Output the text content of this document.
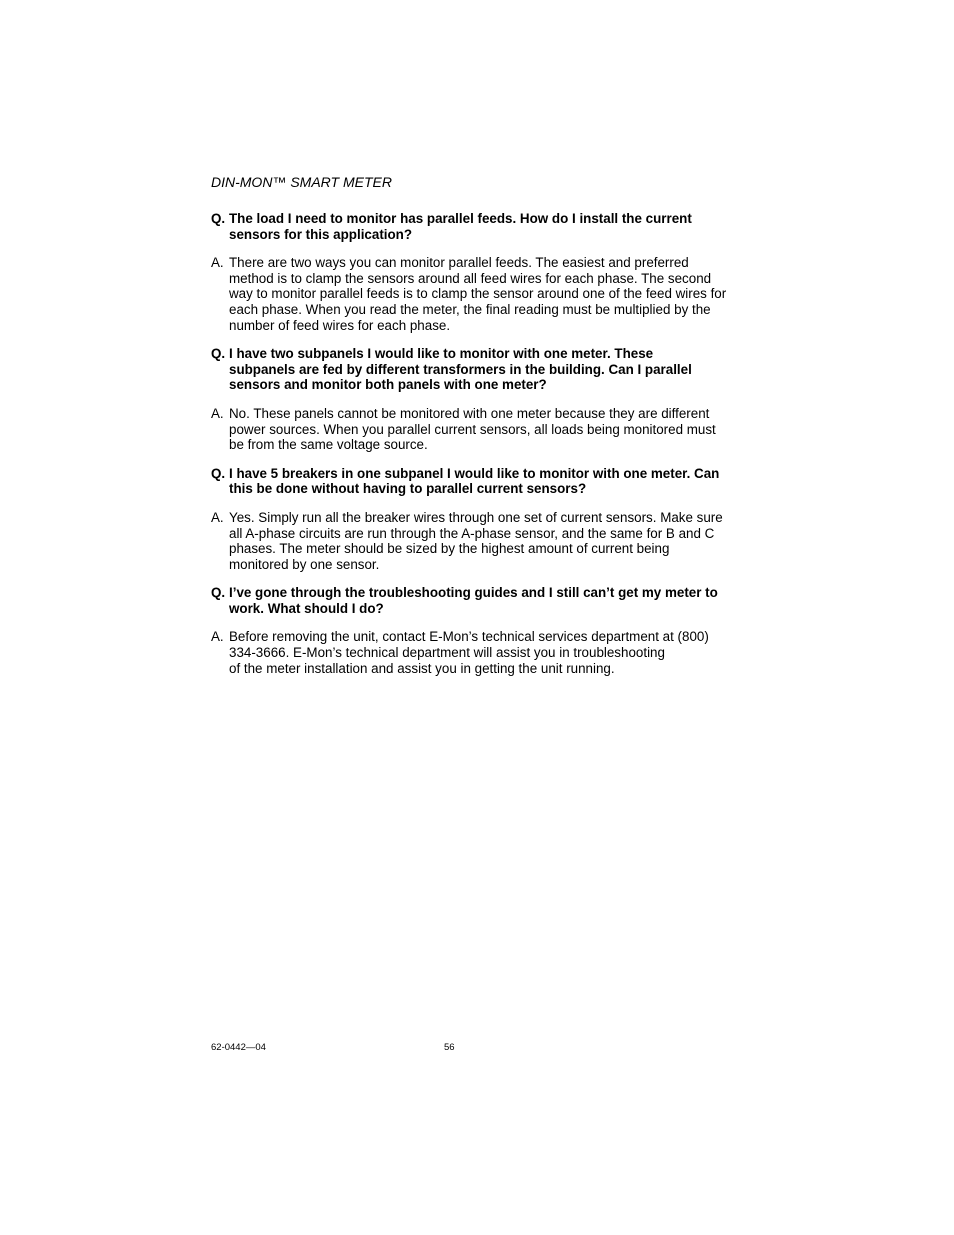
DIN-MON™ SMART METER
Q. The load I need to monitor has parallel feeds. How do I install the current
sensors for this application?
A. There are two ways you can monitor parallel feeds. The easiest and preferred
method is to clamp the sensors around all feed wires for each phase. The second
way to monitor parallel feeds is to clamp the sensor around one of the feed wires for
each phase. When you read the meter, the final reading must be multiplied by the
number of feed wires for each phase.
Q. I have two subpanels I would like to monitor with one meter. These
subpanels are fed by different transformers in the building. Can I parallel
sensors and monitor both panels with one meter?
A. No. These panels cannot be monitored with one meter because they are different
power sources. When you parallel current sensors, all loads being monitored must
be from the same voltage source.
Q. I have 5 breakers in one subpanel I would like to monitor with one meter. Can
this be done without having to parallel current sensors?
A. Yes. Simply run all the breaker wires through one set of current sensors. Make sure
all A-phase circuits are run through the A-phase sensor, and the same for B and C
phases. The meter should be sized by the highest amount of current being
monitored by one sensor.
Q. I’ve gone through the troubleshooting guides and I still can’t get my meter to
work. What should I do?
A. Before removing the unit, contact E-Mon’s technical services department at (800)
334-3666. E-Mon’s technical department will assist you in troubleshooting
of the meter installation and assist you in getting the unit running.
62-0442—04	56
